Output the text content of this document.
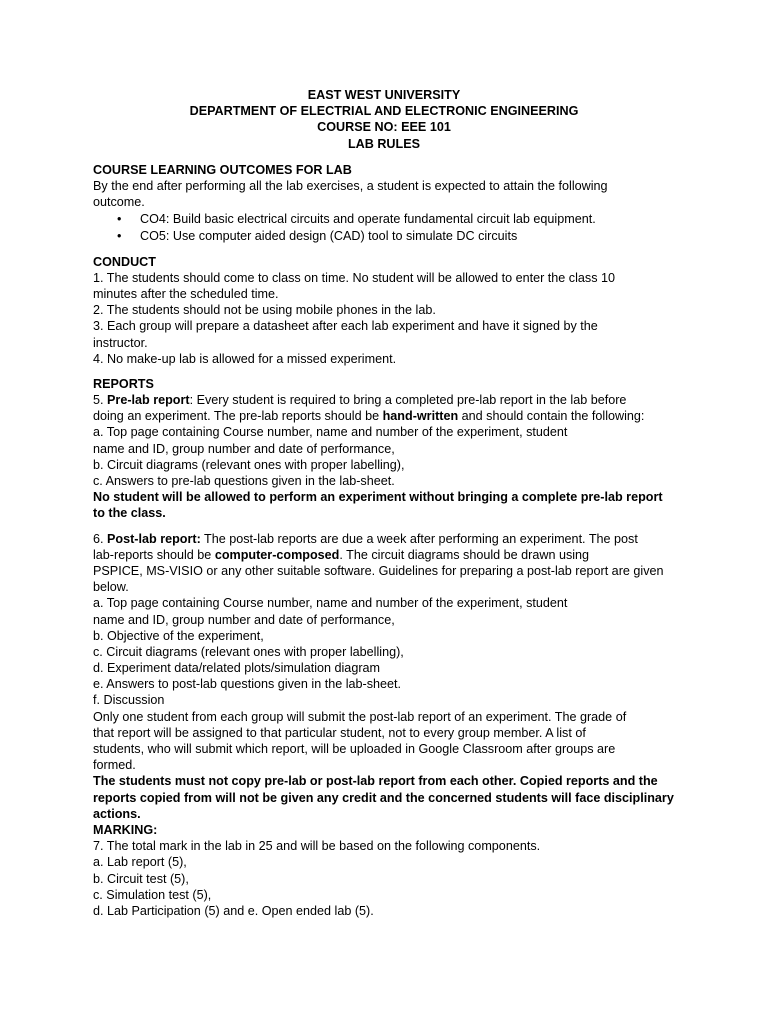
EAST WEST UNIVERSITY
DEPARTMENT OF ELECTRIAL AND ELECTRONIC ENGINEERING
COURSE NO: EEE 101
LAB RULES
COURSE LEARNING OUTCOMES FOR LAB
By the end after performing all the lab exercises, a student is expected to attain the following
outcome.
• CO4: Build basic electrical circuits and operate fundamental circuit lab equipment.
• CO5: Use computer aided design (CAD) tool to simulate DC circuits
CONDUCT
1. The students should come to class on time. No student will be allowed to enter the class 10
minutes after the scheduled time.
2. The students should not be using mobile phones in the lab.
3. Each group will prepare a datasheet after each lab experiment and have it signed by the
instructor.
4. No make-up lab is allowed for a missed experiment.
REPORTS
5. Pre-lab report: Every student is required to bring a completed pre-lab report in the lab before
doing an experiment. The pre-lab reports should be hand-written and should contain the following:
a. Top page containing Course number, name and number of the experiment, student
name and ID, group number and date of performance,
b. Circuit diagrams (relevant ones with proper labelling),
c. Answers to pre-lab questions given in the lab-sheet.
No student will be allowed to perform an experiment without bringing a complete pre-lab report
to the class.
6. Post-lab report: The post-lab reports are due a week after performing an experiment. The post
lab-reports should be computer-composed. The circuit diagrams should be drawn using
PSPICE, MS-VISIO or any other suitable software. Guidelines for preparing a post-lab report are given
below.
a. Top page containing Course number, name and number of the experiment, student
name and ID, group number and date of performance,
b. Objective of the experiment,
c. Circuit diagrams (relevant ones with proper labelling),
d. Experiment data/related plots/simulation diagram
e. Answers to post-lab questions given in the lab-sheet.
f. Discussion
Only one student from each group will submit the post-lab report of an experiment. The grade of
that report will be assigned to that particular student, not to every group member. A list of
students, who will submit which report, will be uploaded in Google Classroom after groups are
formed.
The students must not copy pre-lab or post-lab report from each other. Copied reports and the
reports copied from will not be given any credit and the concerned students will face disciplinary
actions.
MARKING:
7. The total mark in the lab in 25 and will be based on the following components.
a. Lab report (5),
b. Circuit test (5),
c. Simulation test (5),
d. Lab Participation (5) and e. Open ended lab (5).
